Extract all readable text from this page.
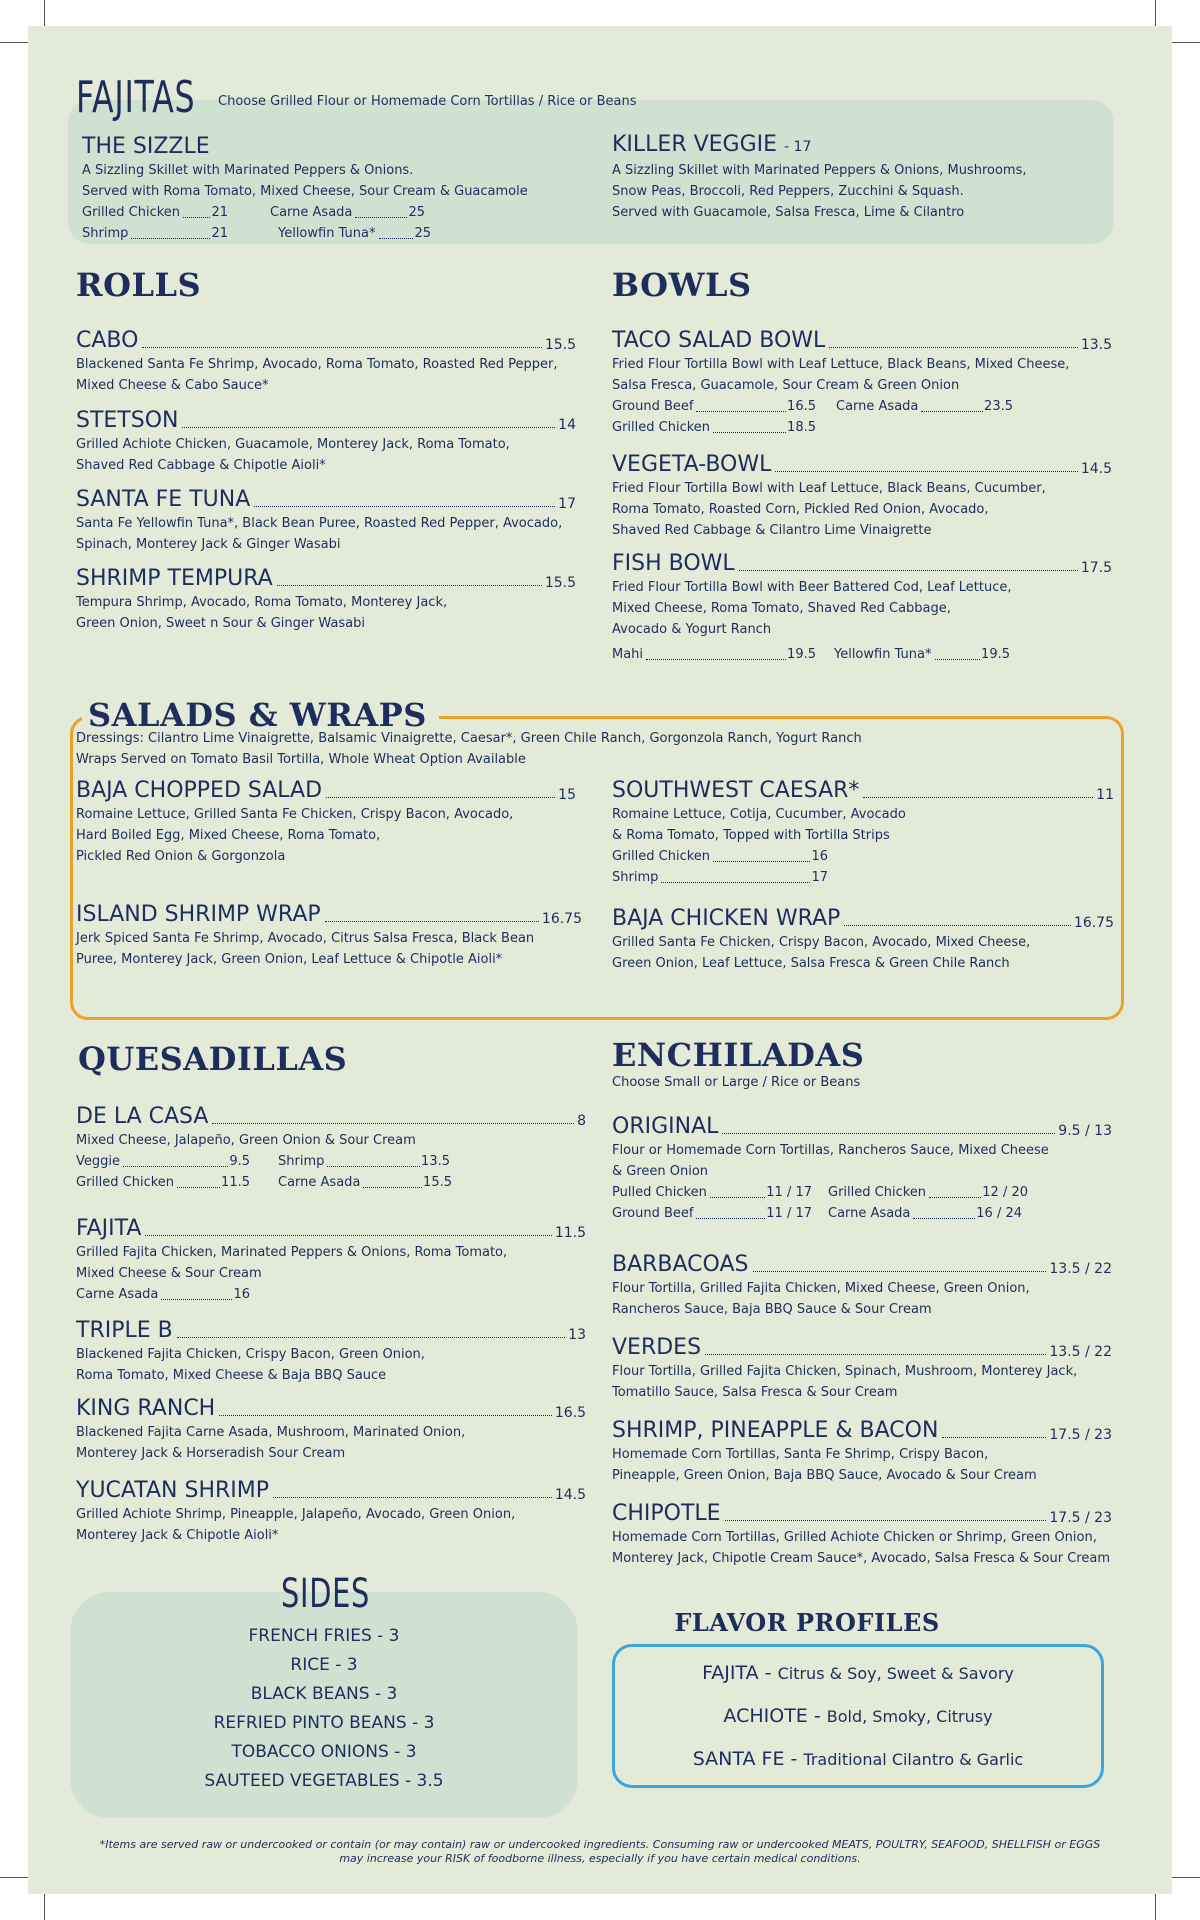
FAJITAS Choose Grilled Flour or Homemade Corn Tortillas / Rice or Beans
THE SIZZLE
A Sizzling Skillet with Marinated Peppers & Onions.
Served with Roma Tomato, Mixed Cheese, Sour Cream & Guacamole
Grilled Chicken 21	Carne Asada	25
Shrimp	21	Yellowfin Tuna*	25
KILLER VEGGIE - 17
A Sizzling Skillet with Marinated Peppers & Onions, Mushrooms,
Snow Peas, Broccoli, Red Peppers, Zucchini & Squash.
Served with Guacamole, Salsa Fresca, Lime & Cilantro
ROLLS
CABO	15.5
Blackened Santa Fe Shrimp, Avocado, Roma Tomato, Roasted Red Pepper,
Mixed Cheese & Cabo Sauce*
STETSON	14
Grilled Achiote Chicken, Guacamole, Monterey Jack, Roma Tomato,
Shaved Red Cabbage & Chipotle Aioli*
SANTA FE TUNA	17
Santa Fe Yellowfin Tuna*, Black Bean Puree, Roasted Red Pepper, Avocado,
Spinach, Monterey Jack & Ginger Wasabi
SHRIMP TEMPURA	15.5
Tempura Shrimp, Avocado, Roma Tomato, Monterey Jack,
Green Onion, Sweet n Sour & Ginger Wasabi
BOWLS
TACO SALAD BOWL	13.5
Fried Flour Tortilla Bowl with Leaf Lettuce, Black Beans, Mixed Cheese,
Salsa Fresca, Guacamole, Sour Cream & Green Onion
Ground Beef	16.5 Carne Asada	23.5
Grilled Chicken	18.5
VEGETA-BOWL	14.5
Fried Flour Tortilla Bowl with Leaf Lettuce, Black Beans, Cucumber,
Roma Tomato, Roasted Corn, Pickled Red Onion, Avocado,
Shaved Red Cabbage & Cilantro Lime Vinaigrette
FISH BOWL	17.5
Fried Flour Tortilla Bowl with Beer Battered Cod, Leaf Lettuce,
Mixed Cheese, Roma Tomato, Shaved Red Cabbage,
Avocado & Yogurt Ranch
Mahi	19.5 Yellowfin Tuna*	19.5
SALADS & WRAPS
Dressings: Cilantro Lime Vinaigrette, Balsamic Vinaigrette, Caesar*, Green Chile Ranch, Gorgonzola Ranch, Yogurt Ranch
Wraps Served on Tomato Basil Tortilla, Whole Wheat Option Available
BAJA CHOPPED SALAD	15
Romaine Lettuce, Grilled Santa Fe Chicken, Crispy Bacon, Avocado,
Hard Boiled Egg, Mixed Cheese, Roma Tomato,
Pickled Red Onion & Gorgonzola
SOUTHWEST CAESAR*	11
Romaine Lettuce, Cotija, Cucumber, Avocado
& Roma Tomato, Topped with Tortilla Strips
Grilled Chicken	16
Shrimp	17
ISLAND SHRIMP WRAP	16.75
Jerk Spiced Santa Fe Shrimp, Avocado, Citrus Salsa Fresca, Black Bean
Puree, Monterey Jack, Green Onion, Leaf Lettuce & Chipotle Aioli*
BAJA CHICKEN WRAP	16.75
Grilled Santa Fe Chicken, Crispy Bacon, Avocado, Mixed Cheese,
Green Onion, Leaf Lettuce, Salsa Fresca & Green Chile Ranch
QUESADILLAS
DE LA CASA	8
Mixed Cheese, Jalapeño, Green Onion & Sour Cream
Veggie	9.5 Shrimp	13.5
Grilled Chicken	11.5 Carne Asada	15.5
FAJITA	11.5
Grilled Fajita Chicken, Marinated Peppers & Onions, Roma Tomato,
Mixed Cheese & Sour Cream
Carne Asada	16
TRIPLE B	13
Blackened Fajita Chicken, Crispy Bacon, Green Onion,
Roma Tomato, Mixed Cheese & Baja BBQ Sauce
KING RANCH	16.5
Blackened Fajita Carne Asada, Mushroom, Marinated Onion,
Monterey Jack & Horseradish Sour Cream
YUCATAN SHRIMP	14.5
Grilled Achiote Shrimp, Pineapple, Jalapeño, Avocado, Green Onion,
Monterey Jack & Chipotle Aioli*
ENCHILADAS
Choose Small or Large / Rice or Beans
ORIGINAL	9.5 / 13
Flour or Homemade Corn Tortillas, Rancheros Sauce, Mixed Cheese
& Green Onion
Pulled Chicken	11 / 17 Grilled Chicken	12 / 20
Ground Beef	11 / 17 Carne Asada	16 / 24
BARBACOAS	13.5 / 22
Flour Tortilla, Grilled Fajita Chicken, Mixed Cheese, Green Onion,
Rancheros Sauce, Baja BBQ Sauce & Sour Cream
VERDES	13.5 / 22
Flour Tortilla, Grilled Fajita Chicken, Spinach, Mushroom, Monterey Jack,
Tomatillo Sauce, Salsa Fresca & Sour Cream
SHRIMP, PINEAPPLE & BACON	17.5 / 23
Homemade Corn Tortillas, Santa Fe Shrimp, Crispy Bacon,
Pineapple, Green Onion, Baja BBQ Sauce, Avocado & Sour Cream
CHIPOTLE	17.5 / 23
Homemade Corn Tortillas, Grilled Achiote Chicken or Shrimp, Green Onion,
Monterey Jack, Chipotle Cream Sauce*, Avocado, Salsa Fresca & Sour Cream
SIDES
FRENCH FRIES - 3
RICE - 3
BLACK BEANS - 3
REFRIED PINTO BEANS - 3
TOBACCO ONIONS - 3
SAUTEED VEGETABLES - 3.5
FLAVOR PROFILES
FAJITA - Citrus & Soy, Sweet & Savory
ACHIOTE - Bold, Smoky, Citrusy
SANTA FE - Traditional Cilantro & Garlic
*Items are served raw or undercooked or contain (or may contain) raw or undercooked ingredients. Consuming raw or undercooked MEATS, POULTRY, SEAFOOD, SHELLFISH or EGGS
may increase your RISK of foodborne illness, especially if you have certain medical conditions.
